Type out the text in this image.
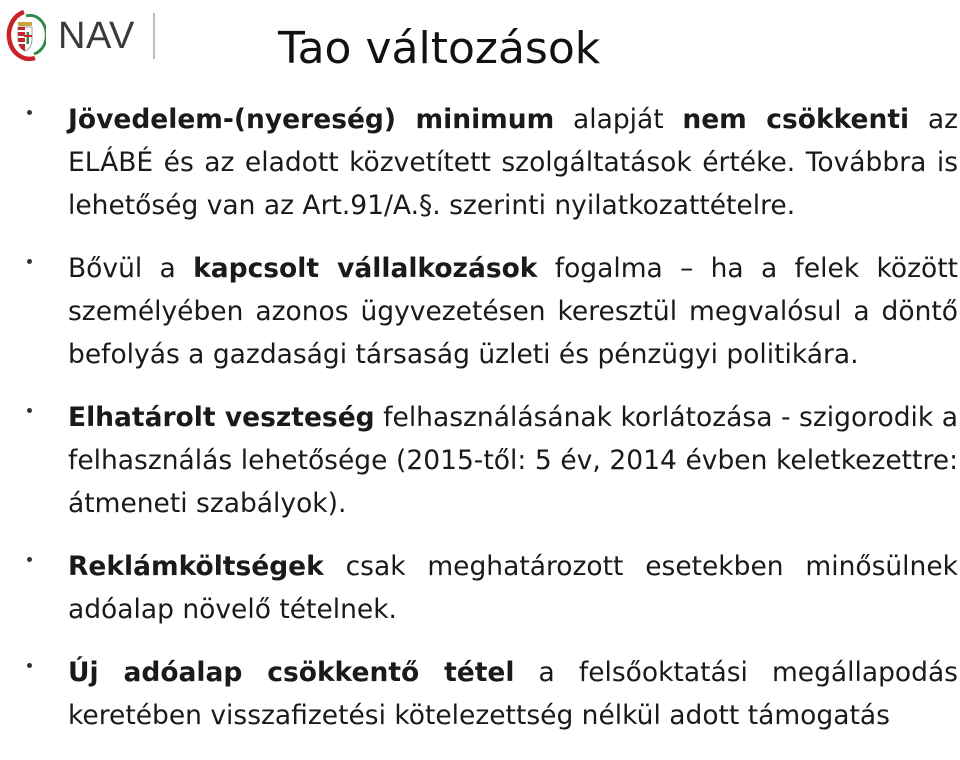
NAV	Tao változások
Jövedelem-(nyereség) minimum alapját nem csökkenti az ELÁBÉ és az eladott közvetített szolgáltatások értéke. Továbbra is lehetőség van az Art.91/A.§. szerinti nyilatkozattételre.
Bővül a kapcsolt vállalkozások fogalma – ha a felek között személyében azonos ügyvezetésen keresztül megvalósul a döntő befolyás a gazdasági társaság üzleti és pénzügyi politikára.
Elhatárolt veszteség felhasználásának korlátozása - szigorodik a felhasználás lehetősége (2015-től: 5 év, 2014 évben keletkezettre: átmeneti szabályok).
Reklámköltségek csak meghatározott esetekben minősülnek adóalap növelő tételnek.
Új adóalap csökkentő tétel a felsőoktatási megállapodás keretében visszafizetési kötelezettség nélkül adott támogatás
